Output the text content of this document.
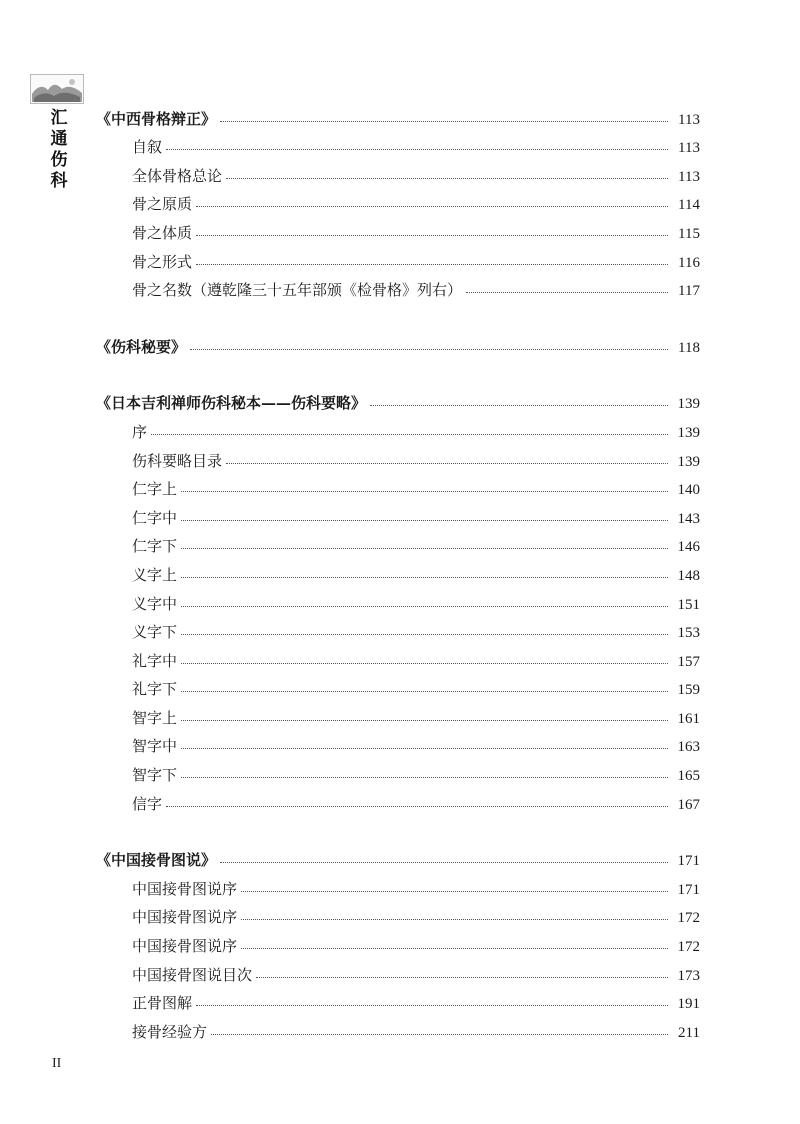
汇通伤科
《中西骨格辩正》	113
自叙	113
全体骨格总论	113
骨之原质	114
骨之体质	115
骨之形式	116
骨之名数（遵乾隆三十五年部颁《检骨格》列右）	117
《伤科秘要》	118
《日本吉利禅师伤科秘本——伤科要略》	139
序	139
伤科要略目录	139
仁字上	140
仁字中	143
仁字下	146
义字上	148
义字中	151
义字下	153
礼字中	157
礼字下	159
智字上	161
智字中	163
智字下	165
信字	167
《中国接骨图说》	171
中国接骨图说序	171
中国接骨图说序	172
中国接骨图说序	172
中国接骨图说目次	173
正骨图解	191
接骨经验方	211
II
